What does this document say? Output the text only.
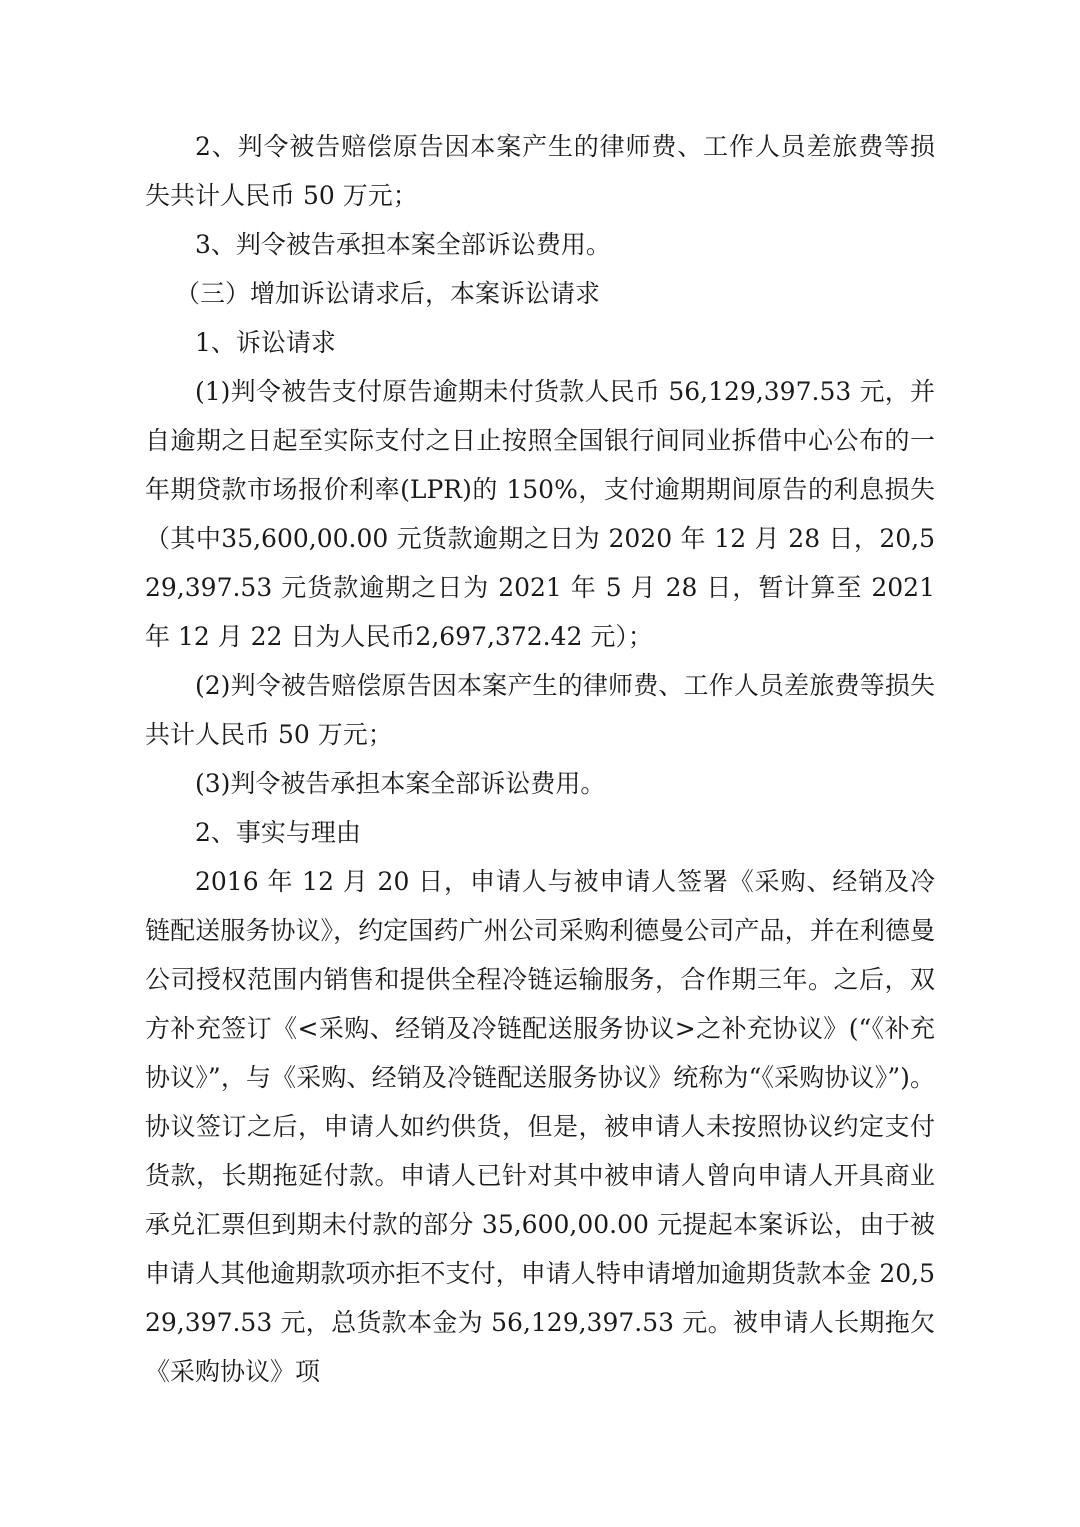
2、判令被告赔偿原告因本案产生的律师费、工作人员差旅费等损失共计人民币 50 万元；

3、判令被告承担本案全部诉讼费用。

（三）增加诉讼请求后，本案诉讼请求

1、诉讼请求

(1)判令被告支付原告逾期未付货款人民币 56,129,397.53 元，并自逾期之日起至实际支付之日止按照全国银行间同业拆借中心公布的一年期贷款市场报价利率(LPR)的 150%，支付逾期期间原告的利息损失（其中35,600,00.00 元货款逾期之日为 2020 年 12 月 28 日，20,529,397.53 元货款逾期之日为 2021 年 5 月 28 日，暂计算至 2021 年 12 月 22 日为人民币2,697,372.42 元）；

(2)判令被告赔偿原告因本案产生的律师费、工作人员差旅费等损失共计人民币 50 万元；

(3)判令被告承担本案全部诉讼费用。

2、事实与理由

2016 年 12 月 20 日，申请人与被申请人签署《采购、经销及冷链配送服务协议》，约定国药广州公司采购利德曼公司产品，并在利德曼公司授权范围内销售和提供全程冷链运输服务，合作期三年。之后，双方补充签订《<采购、经销及冷链配送服务协议>之补充协议》(“《补充协议》”，与《采购、经销及冷链配送服务协议》统称为“《采购协议》”)。协议签订之后，申请人如约供货，但是，被申请人未按照协议约定支付货款，长期拖延付款。申请人已针对其中被申请人曾向申请人开具商业承兑汇票但到期未付款的部分 35,600,00.00 元提起本案诉讼，由于被申请人其他逾期款项亦拒不支付，申请人特申请增加逾期货款本金 20,529,397.53 元，总货款本金为 56,129,397.53 元。被申请人长期拖欠《采购协议》项
